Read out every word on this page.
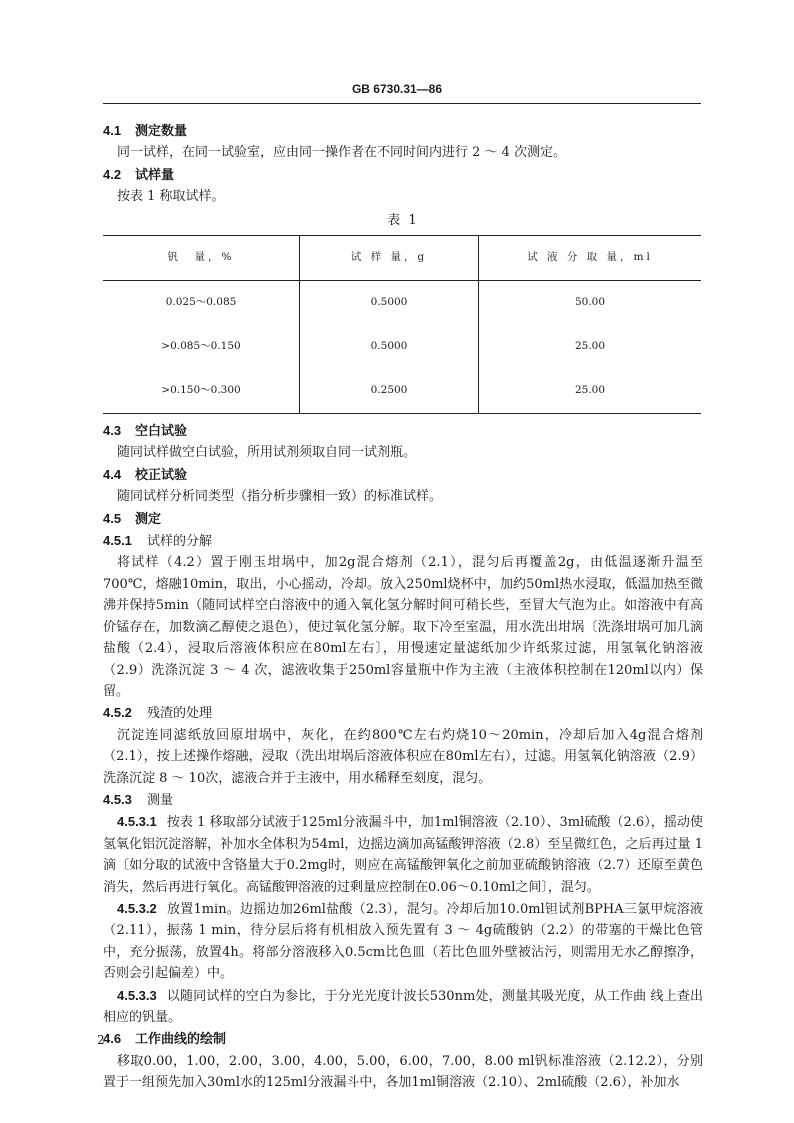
GB 6730.31—86
4.1 测定数量
同一试样，在同一试验室，应由同一操作者在不同时间内进行 2 ～ 4 次测定。
4.2 试样量
按表 1 称取试样。
表 1
钒　量，%	试 样 量，g	试 液 分 取 量，ml
0.025～0.085	0.5000	50.00
>0.085～0.150	0.5000	25.00
>0.150～0.300	0.2500	25.00
4.3 空白试验
随同试样做空白试验，所用试剂须取自同一试剂瓶。
4.4 校正试验
随同试样分析同类型（指分析步骤相一致）的标准试样。
4.5 测定
4.5.1 试样的分解
将试样（4.2）置于刚玉坩埚中，加2g混合熔剂（2.1），混匀后再覆盖2g，由低温逐渐升温至700℃，熔融10min，取出，小心摇动，冷却。放入250ml烧杯中，加约50ml热水浸取，低温加热至微沸并保持5min（随同试样空白溶液中的通入氧化氢分解时间可稍长些，至冒大气泡为止。如溶液中有高价锰存在，加数滴乙醇使之退色），使过氧化氢分解。取下冷至室温，用水洗出坩埚〔洗涤坩埚可加几滴盐酸（2.4），浸取后溶液体积应在80ml左右〕，用慢速定量滤纸加少许纸浆过滤，用氢氧化钠溶液（2.9）洗涤沉淀 3 ～ 4 次，滤液收集于250ml容量瓶中作为主液（主液体积控制在120ml以内）保留。
4.5.2 残渣的处理
沉淀连同滤纸放回原坩埚中，灰化，在约800℃左右灼烧10～20min，冷却后加入4g混合熔剂（2.1），按上述操作熔融，浸取（洗出坩埚后溶液体积应在80ml左右），过滤。用氢氧化钠溶液（2.9）洗涤沉淀 8 ～ 10次，滤液合并于主液中，用水稀释至刻度，混匀。
4.5.3 测量
4.5.3.1 按表 1 移取部分试液于125ml分液漏斗中，加1ml铜溶液（2.10）、3ml硫酸（2.6），摇动使氢氧化铝沉淀溶解，补加水全体积为54ml，边摇边滴加高锰酸钾溶液（2.8）至呈微红色，之后再过量 1 滴〔如分取的试液中含铬量大于0.2mg时，则应在高锰酸钾氧化之前加亚硫酸钠溶液（2.7）还原至黄色消失，然后再进行氧化。高锰酸钾溶液的过剩量应控制在0.06～0.10ml之间〕，混匀。
4.5.3.2 放置1min。边摇边加26ml盐酸（2.3），混匀。冷却后加10.0ml钽试剂BPHA三氯甲烷溶液（2.11），振荡 1 min，待分层后将有机相放入预先置有 3 ～ 4g硫酸钠（2.2）的带塞的干燥比色管中，充分振荡，放置4h。将部分溶液移入0.5cm比色皿（若比色皿外壁被沾污，则需用无水乙醇擦净，否则会引起偏差）中。
4.5.3.3 以随同试样的空白为参比，于分光光度计波长530nm处，测量其吸光度，从工作曲 线上查出相应的钒量。
4.6 工作曲线的绘制
移取0.00，1.00，2.00，3.00，4.00，5.00，6.00，7.00，8.00 ml钒标准溶液（2.12.2），分别置于一组预先加入30ml水的125ml分液漏斗中，各加1ml铜溶液（2.10）、2ml硫酸（2.6），补加水
2
